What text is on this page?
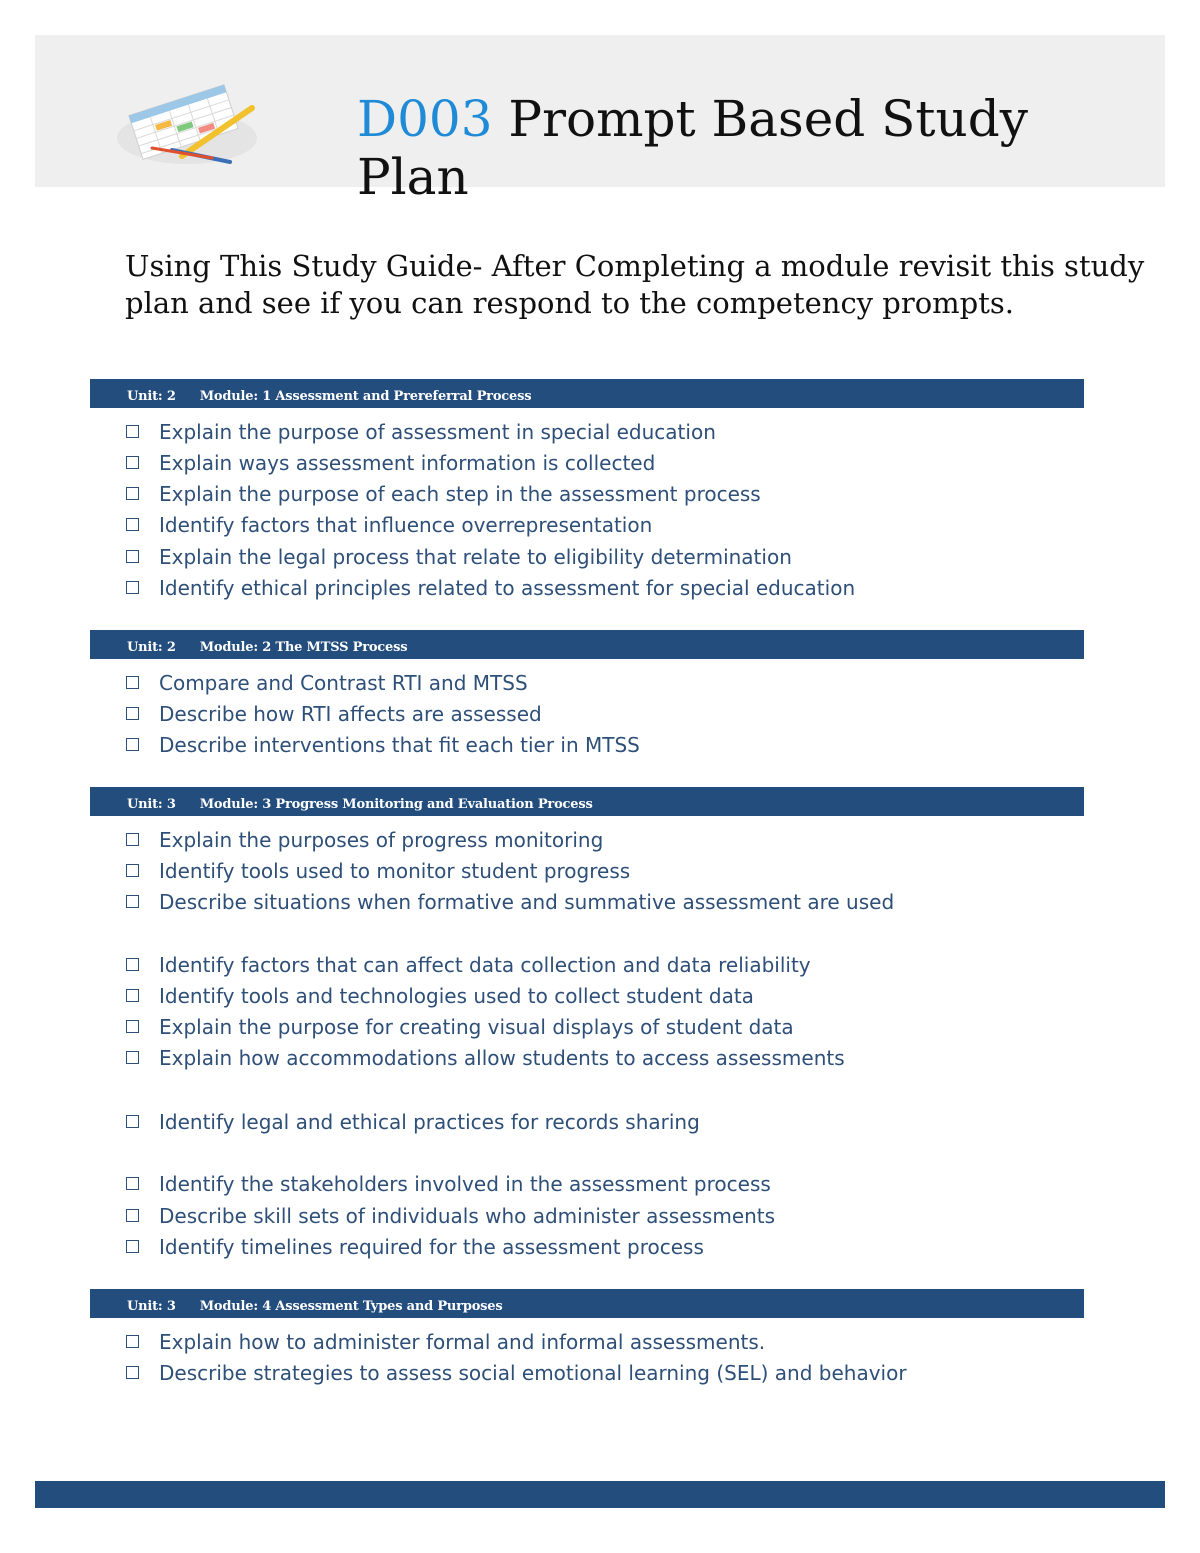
D003 Prompt Based Study Plan

Using This Study Guide- After Completing a module revisit this study plan and see if you can respond to the competency prompts.

Unit: 2 Module: 1 Assessment and Prereferral Process
Explain the purpose of assessment in special education
Explain ways assessment information is collected
Explain the purpose of each step in the assessment process
Identify factors that influence overrepresentation
Explain the legal process that relate to eligibility determination
Identify ethical principles related to assessment for special education
Unit: 2 Module: 2 The MTSS Process
Compare and Contrast RTI and MTSS
Describe how RTI affects are assessed
Describe interventions that fit each tier in MTSS
Unit: 3 Module: 3 Progress Monitoring and Evaluation Process
Explain the purposes of progress monitoring
Identify tools used to monitor student progress
Describe situations when formative and summative assessment are used
Identify factors that can affect data collection and data reliability
Identify tools and technologies used to collect student data
Explain the purpose for creating visual displays of student data
Explain how accommodations allow students to access assessments
Identify legal and ethical practices for records sharing
Identify the stakeholders involved in the assessment process
Describe skill sets of individuals who administer assessments
Identify timelines required for the assessment process
Unit: 3 Module: 4 Assessment Types and Purposes
Explain how to administer formal and informal assessments.
Describe strategies to assess social emotional learning (SEL) and behavior
